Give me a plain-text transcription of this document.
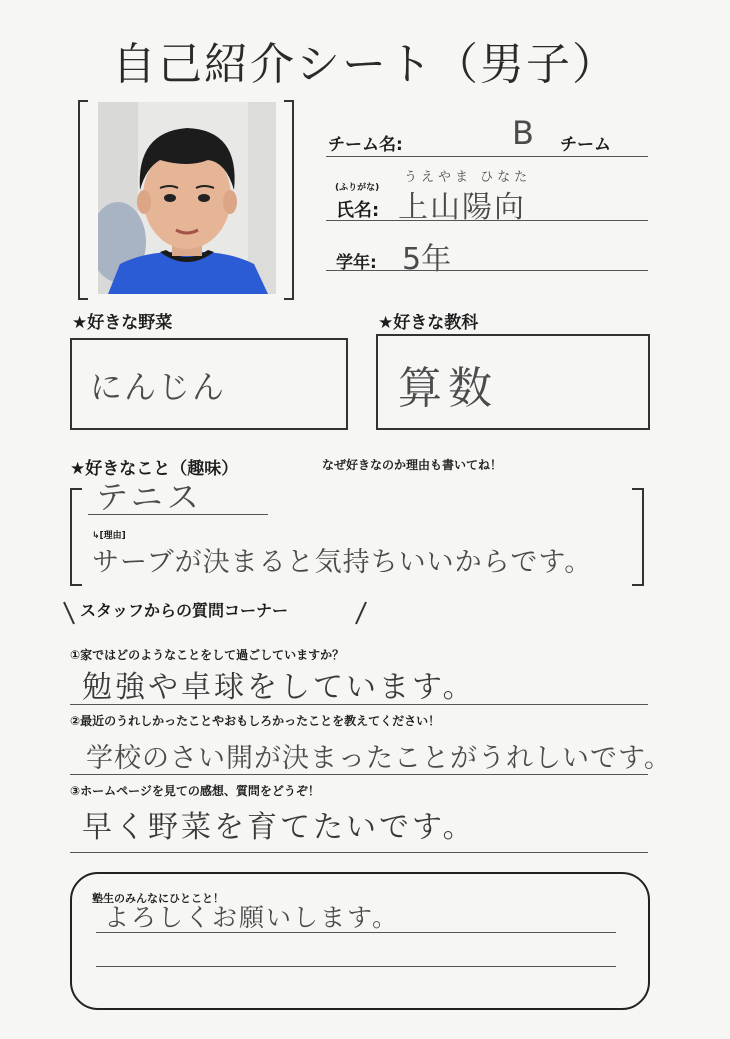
自己紹介シート（男子）
チーム名:	B チーム
(ふりがな)
うえやま ひなた
氏名: 上山陽向
学年: 5年
★好きな野菜
にんじん
★好きな教科
算数
★好きなこと（趣味）	なぜ好きなのか理由も書いてね！
テニス
↳[理由]
サーブが決まると気持ちいいからです。
スタッフからの質問コーナー
①家ではどのようなことをして過ごしていますか？
勉強や卓球をしています。
②最近のうれしかったことやおもしろかったことを教えてください！
学校のさい開が決まったことがうれしいです。
③ホームページを見ての感想、質問をどうぞ！
早く野菜を育てたいです。
塾生のみんなにひとこと！
よろしくお願いします。
